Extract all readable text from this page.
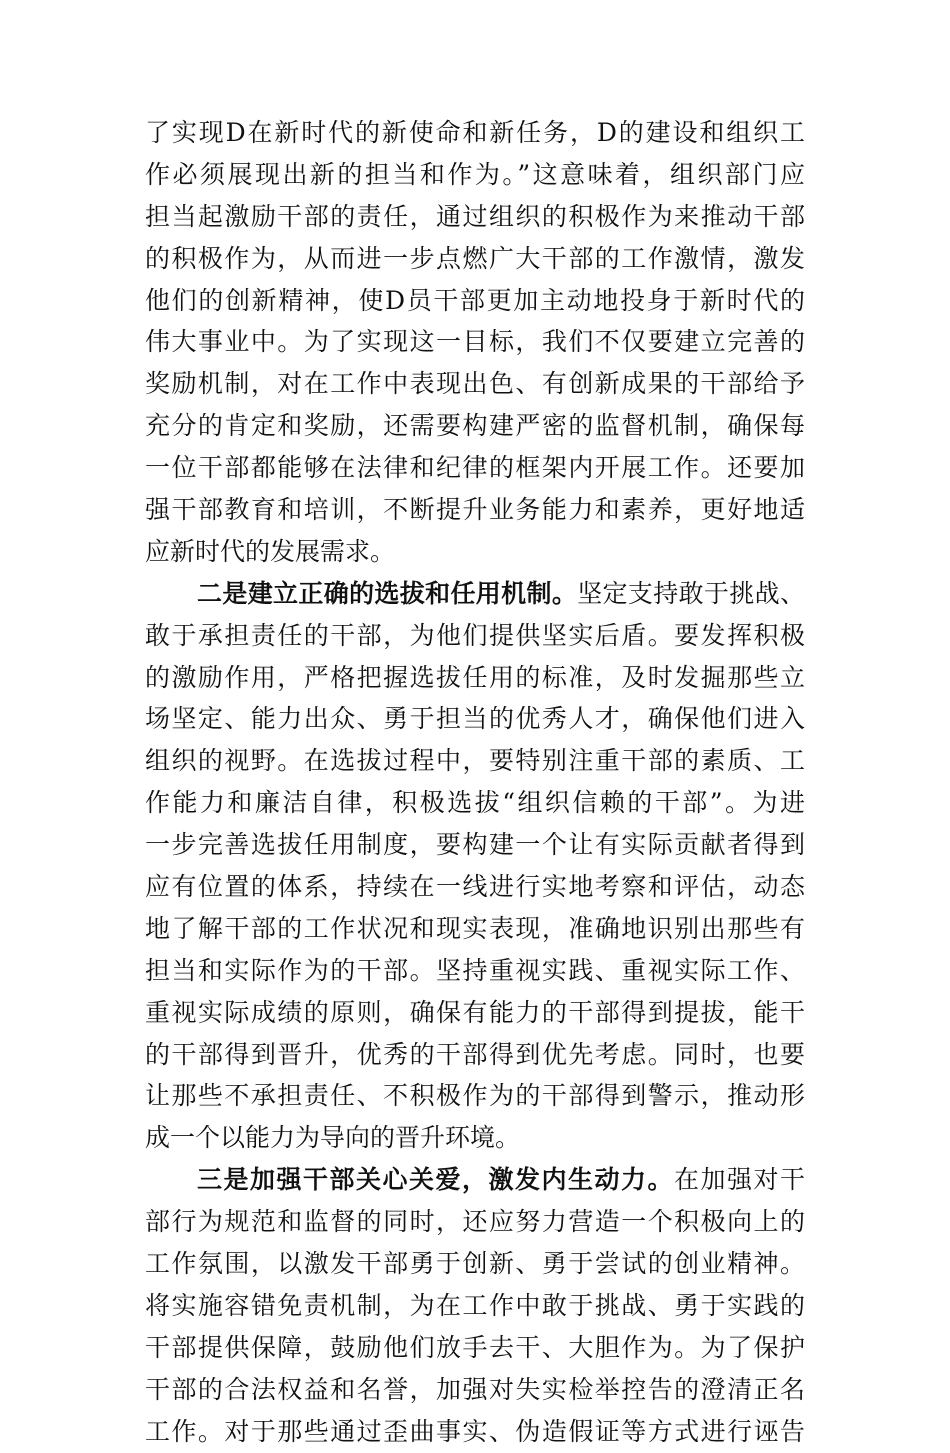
了实现D在新时代的新使命和新任务，D的建设和组织工
作必须展现出新的担当和作为。”这意味着，组织部门应
担当起激励干部的责任，通过组织的积极作为来推动干部
的积极作为，从而进一步点燃广大干部的工作激情，激发
他们的创新精神，使D员干部更加主动地投身于新时代的
伟大事业中。为了实现这一目标，我们不仅要建立完善的
奖励机制，对在工作中表现出色、有创新成果的干部给予
充分的肯定和奖励，还需要构建严密的监督机制，确保每
一位干部都能够在法律和纪律的框架内开展工作。还要加
强干部教育和培训，不断提升业务能力和素养，更好地适
应新时代的发展需求。
二是建立正确的选拔和任用机制。坚定支持敢于挑战、
敢于承担责任的干部，为他们提供坚实后盾。要发挥积极
的激励作用，严格把握选拔任用的标准，及时发掘那些立
场坚定、能力出众、勇于担当的优秀人才，确保他们进入
组织的视野。在选拔过程中，要特别注重干部的素质、工
作能力和廉洁自律，积极选拔“组织信赖的干部”。为进
一步完善选拔任用制度，要构建一个让有实际贡献者得到
应有位置的体系，持续在一线进行实地考察和评估，动态
地了解干部的工作状况和现实表现，准确地识别出那些有
担当和实际作为的干部。坚持重视实践、重视实际工作、
重视实际成绩的原则，确保有能力的干部得到提拔，能干
的干部得到晋升，优秀的干部得到优先考虑。同时，也要
让那些不承担责任、不积极作为的干部得到警示，推动形
成一个以能力为导向的晋升环境。
三是加强干部关心关爱，激发内生动力。在加强对干
部行为规范和监督的同时，还应努力营造一个积极向上的
工作氛围，以激发干部勇于创新、勇于尝试的创业精神。
将实施容错免责机制，为在工作中敢于挑战、勇于实践的
干部提供保障，鼓励他们放手去干、大胆作为。为了保护
干部的合法权益和名誉，加强对失实检举控告的澄清正名
工作。对于那些通过歪曲事实、伪造假证等方式进行诬告
